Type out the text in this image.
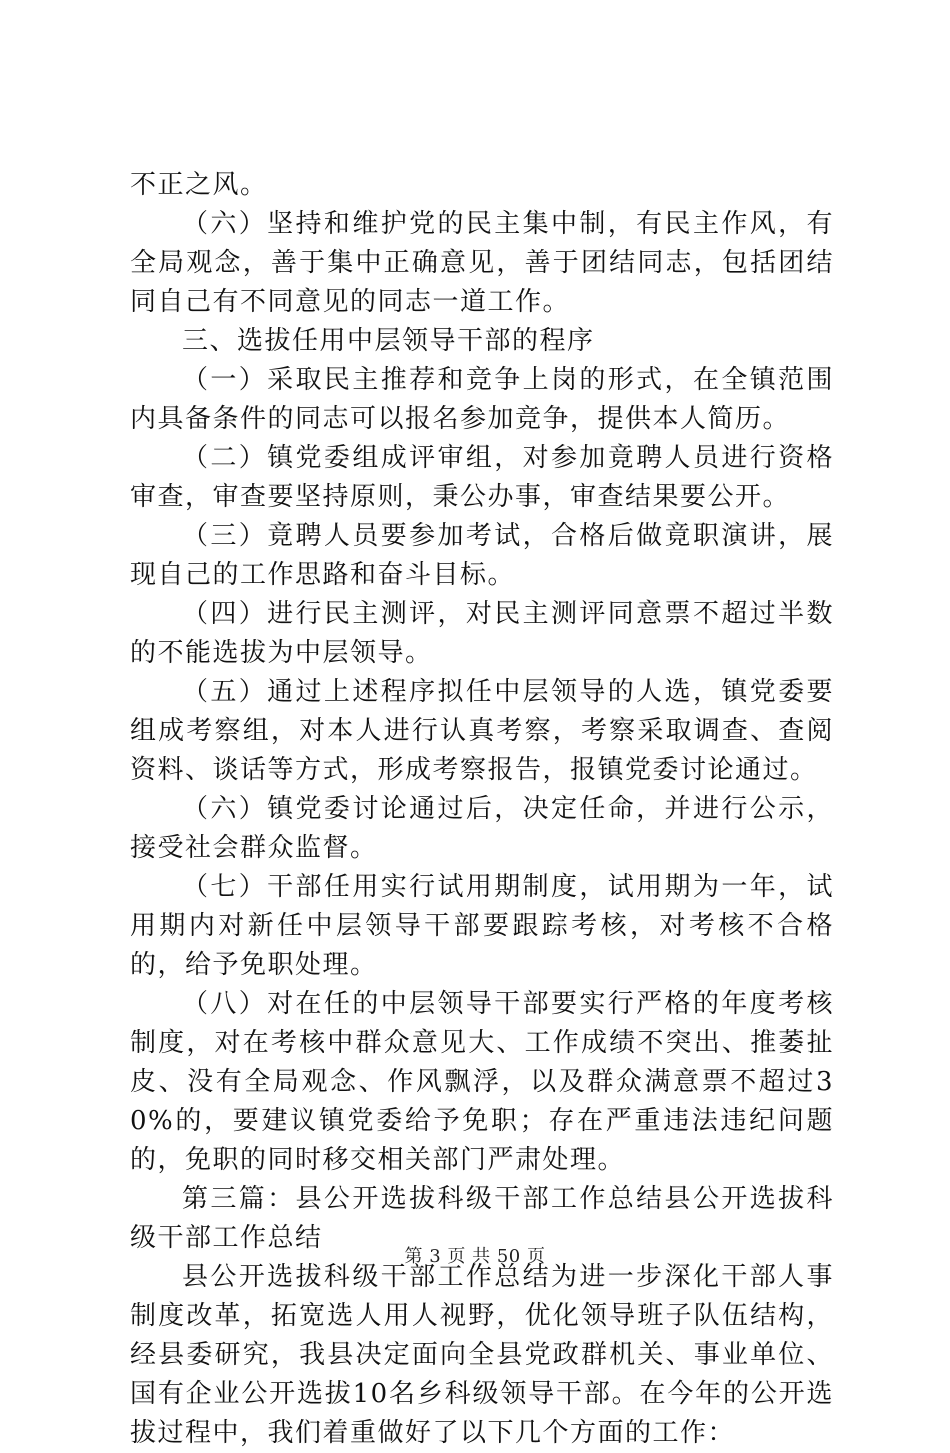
不正之风。

（六）坚持和维护党的民主集中制，有民主作风，有全局观念，善于集中正确意见，善于团结同志，包括团结同自己有不同意见的同志一道工作。

三、选拔任用中层领导干部的程序

（一）采取民主推荐和竞争上岗的形式，在全镇范围内具备条件的同志可以报名参加竞争，提供本人简历。

（二）镇党委组成评审组，对参加竟聘人员进行资格审查，审查要坚持原则，秉公办事，审查结果要公开。

（三）竟聘人员要参加考试，合格后做竟职演讲，展现自己的工作思路和奋斗目标。

（四）进行民主测评，对民主测评同意票不超过半数的不能选拔为中层领导。

（五）通过上述程序拟任中层领导的人选，镇党委要组成考察组，对本人进行认真考察，考察采取调查、查阅资料、谈话等方式，形成考察报告，报镇党委讨论通过。

（六）镇党委讨论通过后，决定任命，并进行公示，接受社会群众监督。

（七）干部任用实行试用期制度，试用期为一年，试用期内对新任中层领导干部要跟踪考核，对考核不合格的，给予免职处理。

（八）对在任的中层领导干部要实行严格的年度考核制度，对在考核中群众意见大、工作成绩不突出、推萎扯皮、没有全局观念、作风飘浮，以及群众满意票不超过30%的，要建议镇党委给予免职；存在严重违法违纪问题的，免职的同时移交相关部门严肃处理。

第三篇：县公开选拔科级干部工作总结县公开选拔科级干部工作总结

县公开选拔科级干部工作总结为进一步深化干部人事制度改革，拓宽选人用人视野，优化领导班子队伍结构，经县委研究，我县决定面向全县党政群机关、事业单位、国有企业公开选拔10名乡科级领导干部。在今年的公开选拔过程中，我们着重做好了以下几个方面的工作：

第 3 页 共 50 页
